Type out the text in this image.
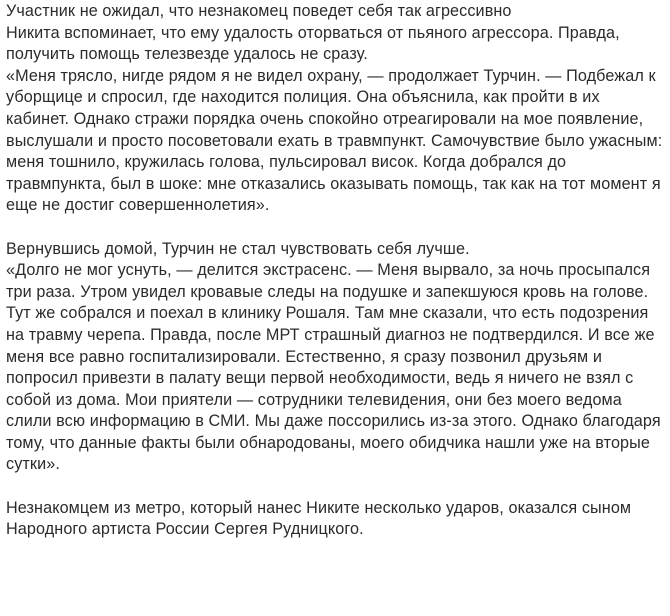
Участник не ожидал, что незнакомец поведет себя так агрессивно

Никита вспоминает, что ему удалость оторваться от пьяного агрессора. Правда, получить помощь телезвезде удалось не сразу.

«Меня трясло, нигде рядом я не видел охрану, — продолжает Турчин. — Подбежал к уборщице и спросил, где находится полиция. Она объяснила, как пройти в их кабинет. Однако стражи порядка очень спокойно отреагировали на мое появление, выслушали и просто посоветовали ехать в травмпункт. Самочувствие было ужасным: меня тошнило, кружилась голова, пульсировал висок. Когда добрался до травмпункта, был в шоке: мне отказались оказывать помощь, так как на тот момент я еще не достиг совершеннолетия».

Вернувшись домой, Турчин не стал чувствовать себя лучше.

«Долго не мог уснуть, — делится экстрасенс. — Меня вырвало, за ночь просыпался три раза. Утром увидел кровавые следы на подушке и запекшуюся кровь на голове. Тут же собрался и поехал в клинику Рошаля. Там мне сказали, что есть подозрения на травму черепа. Правда, после МРТ страшный диагноз не подтвердился. И все же меня все равно госпитализировали. Естественно, я сразу позвонил друзьям и попросил привезти в палату вещи первой необходимости, ведь я ничего не взял с собой из дома. Мои приятели — сотрудники телевидения, они без моего ведома слили всю информацию в СМИ. Мы даже поссорились из-за этого. Однако благодаря тому, что данные факты были обнародованы, моего обидчика нашли уже на вторые сутки».

Незнакомцем из метро, который нанес Никите несколько ударов, оказался сыном Народного артиста России Сергея Рудницкого.
